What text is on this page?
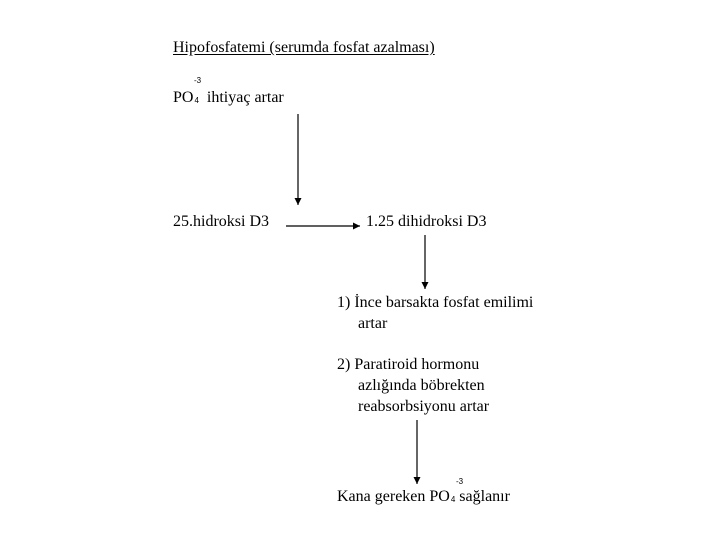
Hipofosfatemi (serumda fosfat azalması)
-3
PO4 ihtiyaç artar
25.hidroksi D3	1.25 dihidroksi D3
1) İnce barsakta fosfat emilimi
artar
2) Paratiroid hormonu
azlığında böbrekten
reabsorbsiyonu artar
-3
Kana gereken PO4 sağlanır
